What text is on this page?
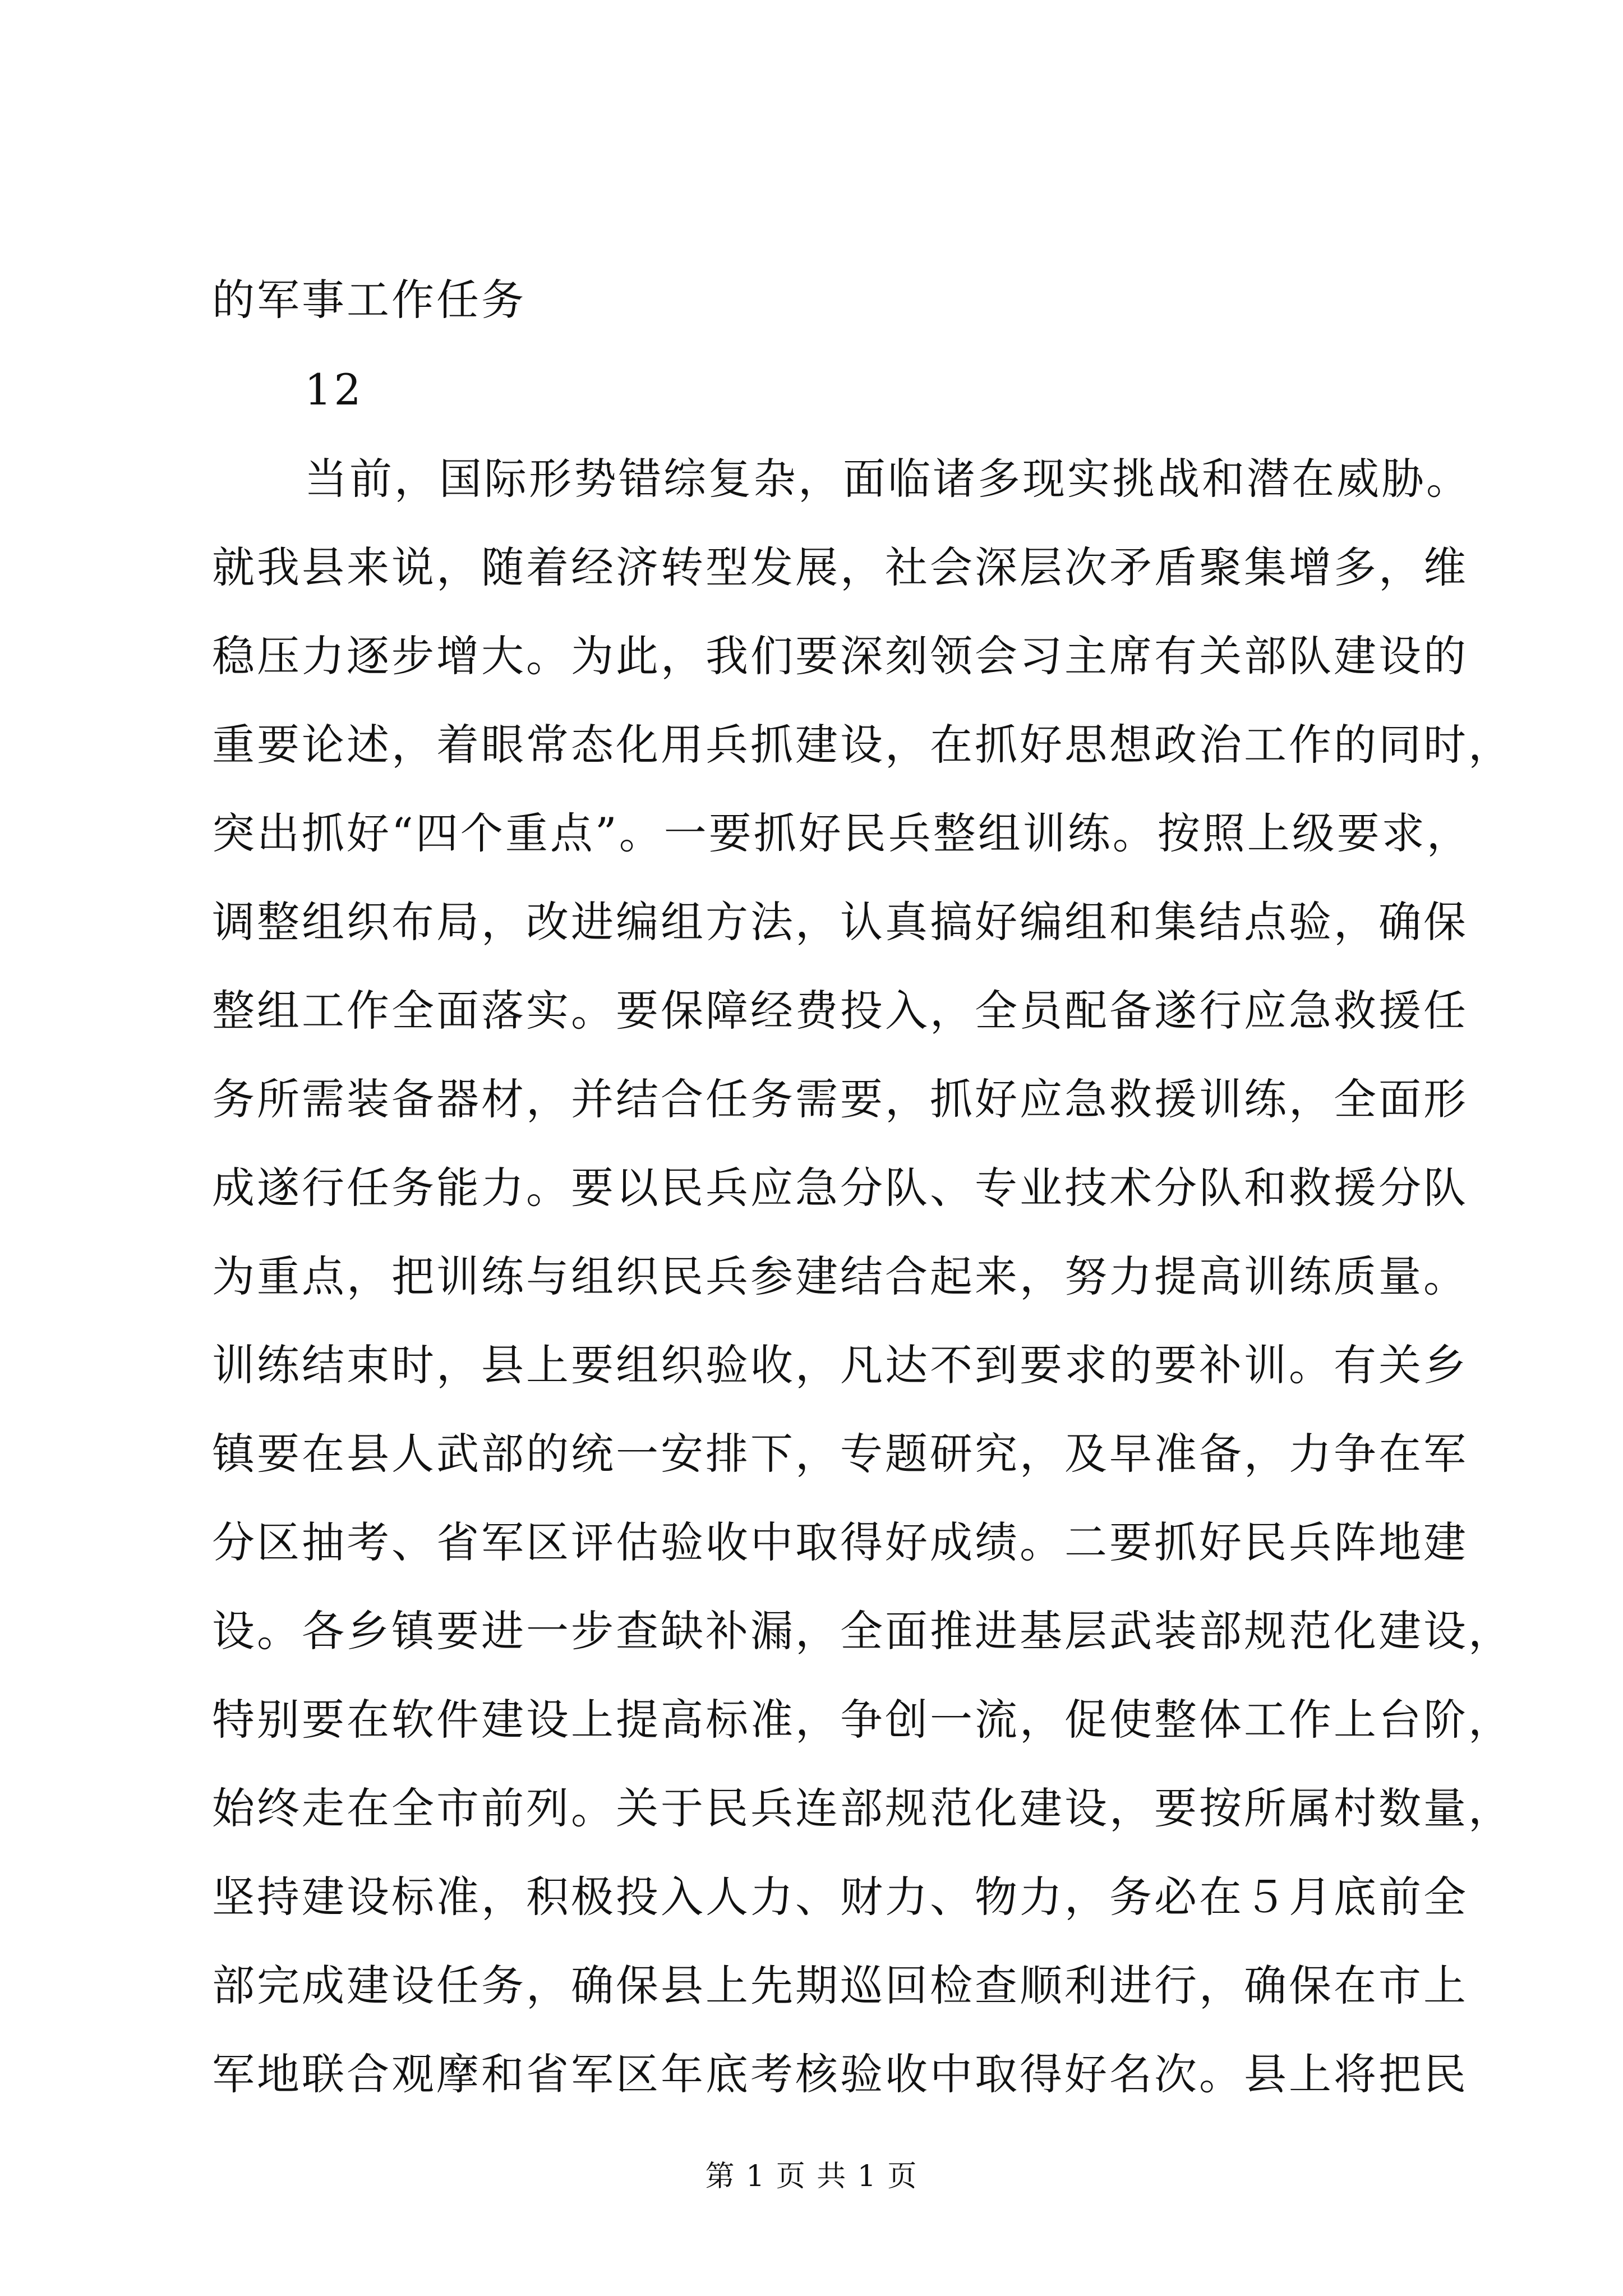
的军事工作任务
12
当前，国际形势错综复杂，面临诸多现实挑战和潜在威胁。
就我县来说，随着经济转型发展，社会深层次矛盾聚集增多，维
稳压力逐步增大。为此，我们要深刻领会习主席有关部队建设的
重要论述，着眼常态化用兵抓建设，在抓好思想政治工作的同时，
突出抓好“四个重点”。一要抓好民兵整组训练。按照上级要求，
调整组织布局，改进编组方法，认真搞好编组和集结点验，确保
整组工作全面落实。要保障经费投入，全员配备遂行应急救援任
务所需装备器材，并结合任务需要，抓好应急救援训练，全面形
成遂行任务能力。要以民兵应急分队、专业技术分队和救援分队
为重点，把训练与组织民兵参建结合起来，努力提高训练质量。
训练结束时，县上要组织验收，凡达不到要求的要补训。有关乡
镇要在县人武部的统一安排下，专题研究，及早准备，力争在军
分区抽考、省军区评估验收中取得好成绩。二要抓好民兵阵地建
设。各乡镇要进一步查缺补漏，全面推进基层武装部规范化建设，
特别要在软件建设上提高标准，争创一流，促使整体工作上台阶，
始终走在全市前列。关于民兵连部规范化建设，要按所属村数量，
坚持建设标准，积极投入人力、财力、物力，务必在５月底前全
部完成建设任务，确保县上先期巡回检查顺利进行，确保在市上
军地联合观摩和省军区年底考核验收中取得好名次。县上将把民
第 1 页 共 1 页
